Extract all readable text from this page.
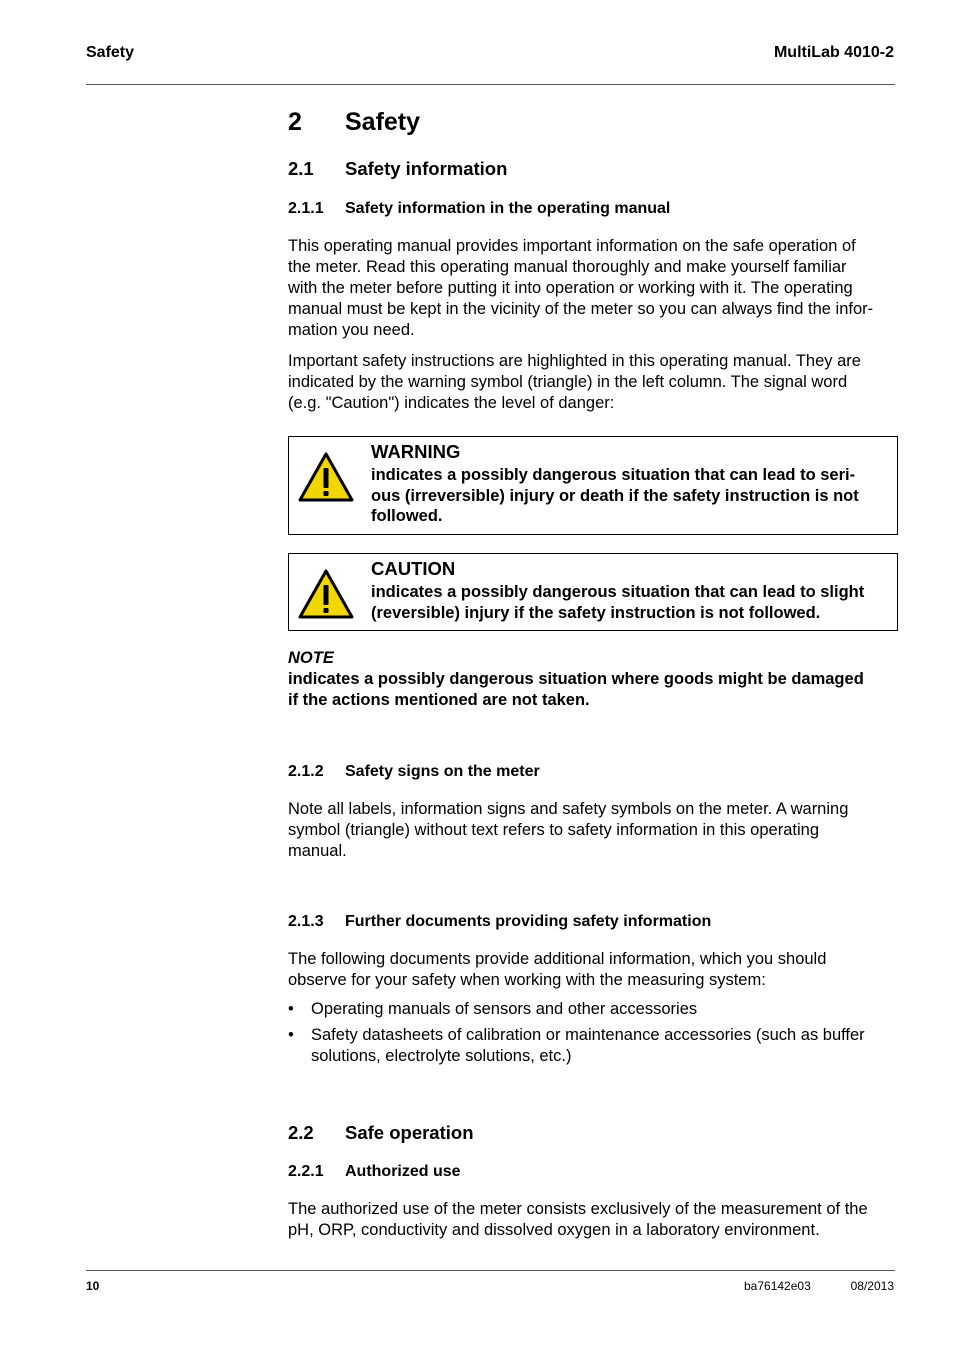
Safety	MultiLab 4010-2
2 Safety
2.1 Safety information
2.1.1 Safety information in the operating manual
This operating manual provides important information on the safe operation of
the meter. Read this operating manual thoroughly and make yourself familiar
with the meter before putting it into operation or working with it. The operating
manual must be kept in the vicinity of the meter so you can always find the infor-
mation you need.
Important safety instructions are highlighted in this operating manual. They are
indicated by the warning symbol (triangle) in the left column. The signal word
(e.g. "Caution") indicates the level of danger:
WARNING
indicates a possibly dangerous situation that can lead to seri-
ous (irreversible) injury or death if the safety instruction is not
followed.
CAUTION
indicates a possibly dangerous situation that can lead to slight
(reversible) injury if the safety instruction is not followed.
NOTE
indicates a possibly dangerous situation where goods might be damaged
if the actions mentioned are not taken.
2.1.2 Safety signs on the meter
Note all labels, information signs and safety symbols on the meter. A warning
symbol (triangle) without text refers to safety information in this operating
manual.
2.1.3 Further documents providing safety information
The following documents provide additional information, which you should
observe for your safety when working with the measuring system:
• Operating manuals of sensors and other accessories
• Safety datasheets of calibration or maintenance accessories (such as buffer
solutions, electrolyte solutions, etc.)
2.2 Safe operation
2.2.1 Authorized use
The authorized use of the meter consists exclusively of the measurement of the
pH, ORP, conductivity and dissolved oxygen in a laboratory environment.
10	ba76142e03	08/2013
